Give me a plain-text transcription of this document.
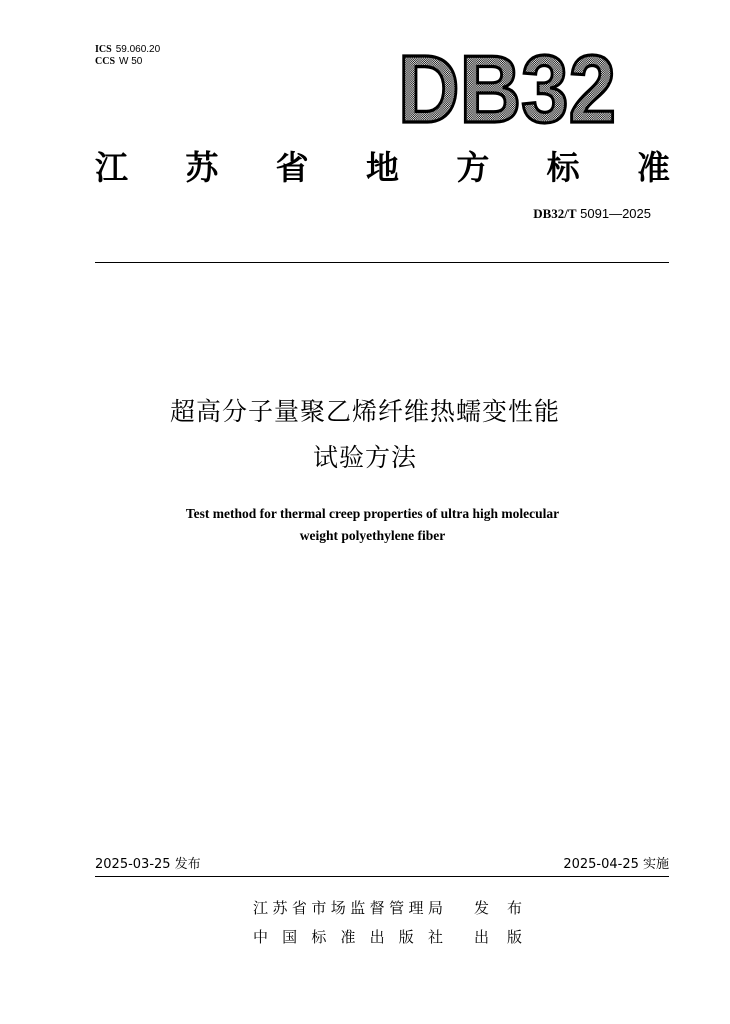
ICS 59.060.20
CCS W 50	DB32
江 苏 省 地 方 标 准
DB32/T 5091—2025
超高分子量聚乙烯纤维热蠕变性能
试验方法
Test method for thermal creep properties of ultra high molecular
weight polyethylene fiber
2025-03-25 发布	2025-04-25 实施
江 苏 省 市 场 监 督 管 理 局 发 布
中 国 标 准 出 版 社 出 版
